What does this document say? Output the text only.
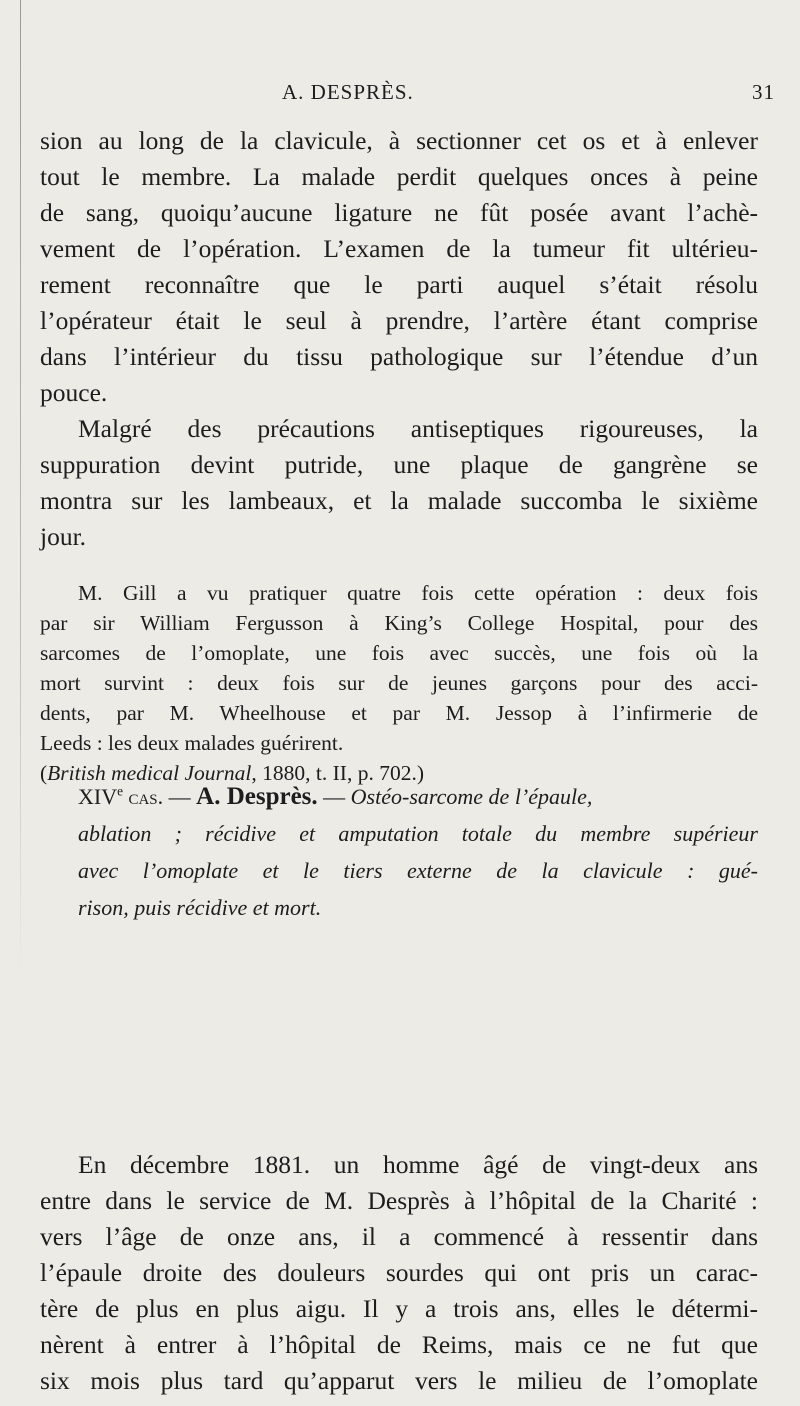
A. DESPRÈS.	31
sion au long de la clavicule, à sectionner cet os et à enlever
tout le membre. La malade perdit quelques onces à peine
de sang, quoiqu’aucune ligature ne fût posée avant l’achè-
vement de l’opération. L’examen de la tumeur fit ultérieu-
rement reconnaître que le parti auquel s’était résolu
l’opérateur était le seul à prendre, l’artère étant comprise
dans l’intérieur du tissu pathologique sur l’étendue d’un
pouce.
Malgré des précautions antiseptiques rigoureuses, la
suppuration devint putride, une plaque de gangrène se
montra sur les lambeaux, et la malade succomba le sixième
jour.
M. Gill a vu pratiquer quatre fois cette opération : deux fois
par sir William Fergusson à King’s College Hospital, pour des
sarcomes de l’omoplate, une fois avec succès, une fois où la
mort survint : deux fois sur de jeunes garçons pour des acci-
dents, par M. Wheelhouse et par M. Jessop à l’infirmerie de
Leeds : les deux malades guérirent.
(British medical Journal, 1880, t. II, p. 702.)
XIVe cas. — A. Desprès. — Ostéo-sarcome de l’épaule,
ablation ; récidive et amputation totale du membre supérieur
avec l’omoplate et le tiers externe de la clavicule : gué-
rison, puis récidive et mort.
En décembre 1881. un homme âgé de vingt-deux ans
entre dans le service de M. Desprès à l’hôpital de la Charité :
vers l’âge de onze ans, il a commencé à ressentir dans
l’épaule droite des douleurs sourdes qui ont pris un carac-
tère de plus en plus aigu. Il y a trois ans, elles le détermi-
nèrent à entrer à l’hôpital de Reims, mais ce ne fut que
six mois plus tard qu’apparut vers le milieu de l’omoplate
